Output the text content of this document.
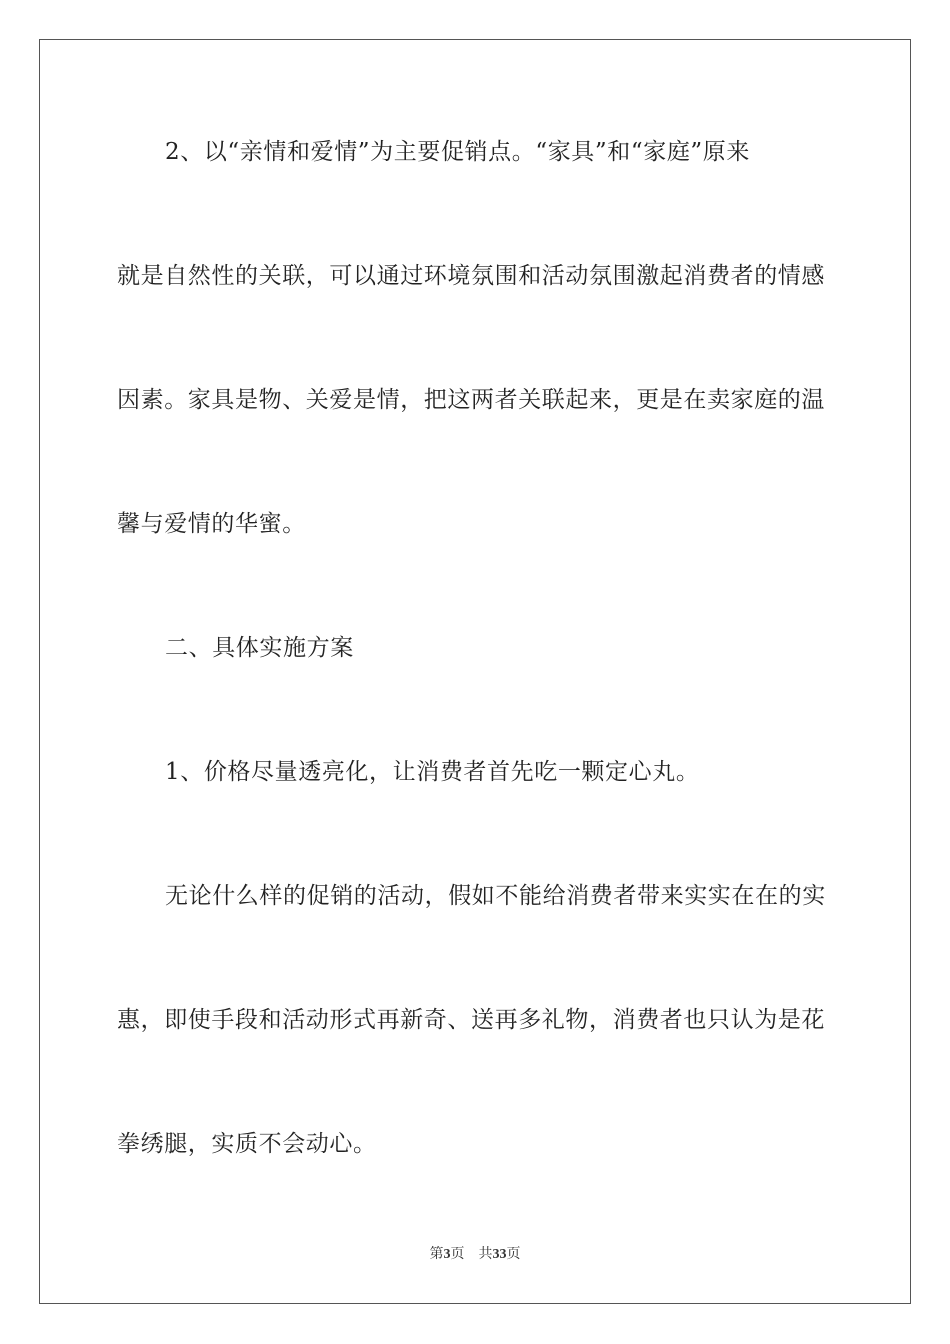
2、以“亲情和爱情”为主要促销点。“家具”和“家庭”原来
就是自然性的关联，可以通过环境氛围和活动氛围激起消费者的情感
因素。家具是物、关爱是情，把这两者关联起来，更是在卖家庭的温
馨与爱情的华蜜。
二、具体实施方案
1、价格尽量透亮化，让消费者首先吃一颗定心丸。
无论什么样的促销的活动，假如不能给消费者带来实实在在的实
惠，即使手段和活动形式再新奇、送再多礼物，消费者也只认为是花
拳绣腿，实质不会动心。
第3页 共33页
